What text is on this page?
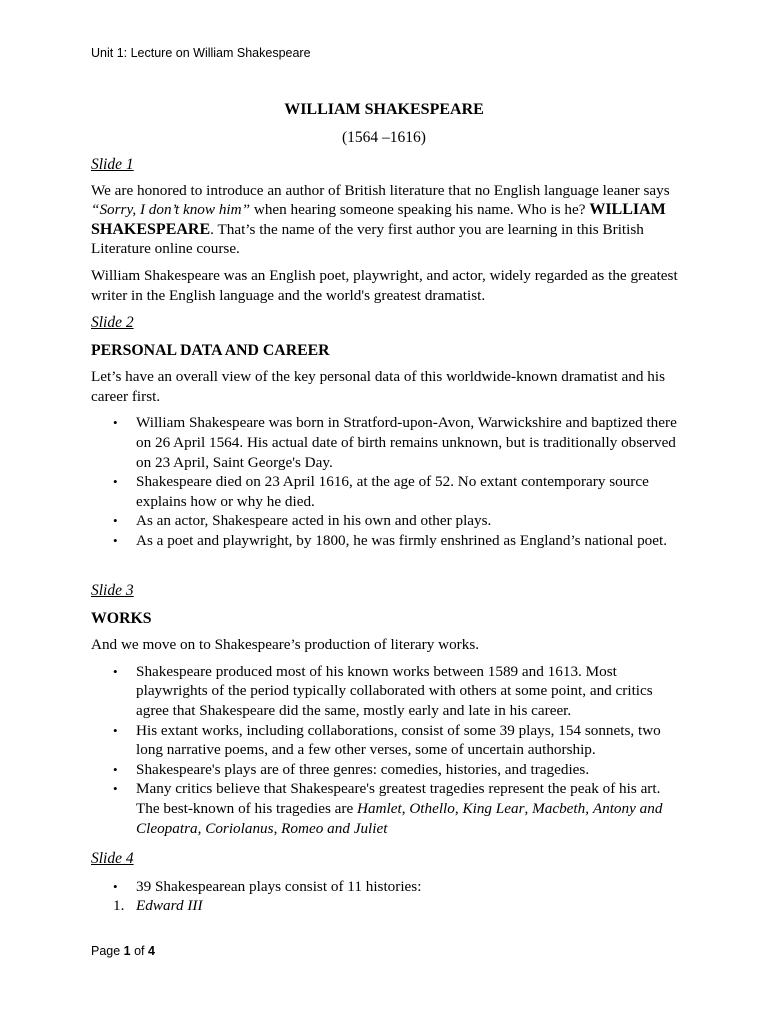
Unit 1: Lecture on William Shakespeare
WILLIAM SHAKESPEARE
(1564 –1616)
Slide 1

We are honored to introduce an author of British literature that no English language leaner says “Sorry, I don’t know him” when hearing someone speaking his name. Who is he? WILLIAM SHAKESPEARE. That’s the name of the very first author you are learning in this British Literature online course.

William Shakespeare was an English poet, playwright, and actor, widely regarded as the greatest writer in the English language and the world's greatest dramatist.

Slide 2
PERSONAL DATA AND CAREER

Let’s have an overall view of the key personal data of this worldwide-known dramatist and his career first.

• William Shakespeare was born in Stratford-upon-Avon, Warwickshire and baptized there on 26 April 1564. His actual date of birth remains unknown, but is traditionally observed on 23 April, Saint George's Day.
• Shakespeare died on 23 April 1616, at the age of 52. No extant contemporary source explains how or why he died.
• As an actor, Shakespeare acted in his own and other plays.
• As a poet and playwright, by 1800, he was firmly enshrined as England’s national poet.
Slide 3
WORKS

And we move on to Shakespeare’s production of literary works.

• Shakespeare produced most of his known works between 1589 and 1613. Most playwrights of the period typically collaborated with others at some point, and critics agree that Shakespeare did the same, mostly early and late in his career.
• His extant works, including collaborations, consist of some 39 plays, 154 sonnets, two long narrative poems, and a few other verses, some of uncertain authorship.
• Shakespeare's plays are of three genres: comedies, histories, and tragedies.
• Many critics believe that Shakespeare's greatest tragedies represent the peak of his art. The best-known of his tragedies are Hamlet, Othello, King Lear, Macbeth, Antony and Cleopatra, Coriolanus, Romeo and Juliet
Slide 4
• 39 Shakespearean plays consist of 11 histories:
1. Edward III
Page 1 of 4
